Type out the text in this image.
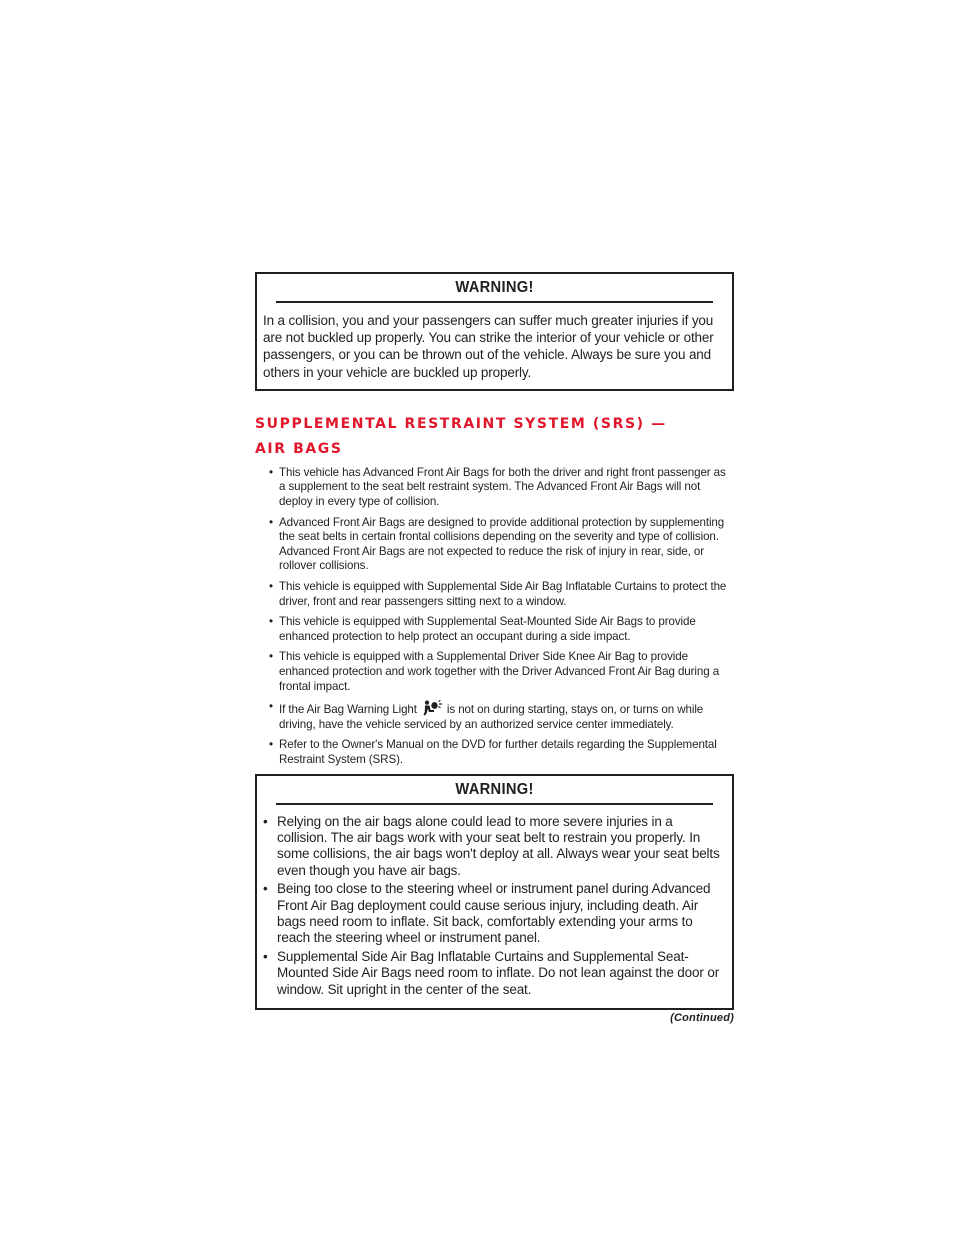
WARNING!
In a collision, you and your passengers can suffer much greater injuries if you are not buckled up properly. You can strike the interior of your vehicle or other passengers, or you can be thrown out of the vehicle. Always be sure you and others in your vehicle are buckled up properly.
SUPPLEMENTAL RESTRAINT SYSTEM (SRS) —
AIR BAGS
• This vehicle has Advanced Front Air Bags for both the driver and right front passenger as a supplement to the seat belt restraint system. The Advanced Front Air Bags will not deploy in every type of collision.
• Advanced Front Air Bags are designed to provide additional protection by supplementing the seat belts in certain frontal collisions depending on the severity and type of collision. Advanced Front Air Bags are not expected to reduce the risk of injury in rear, side, or rollover collisions.
• This vehicle is equipped with Supplemental Side Air Bag Inflatable Curtains to protect the driver, front and rear passengers sitting next to a window.
• This vehicle is equipped with Supplemental Seat-Mounted Side Air Bags to provide enhanced protection to help protect an occupant during a side impact.
• This vehicle is equipped with a Supplemental Driver Side Knee Air Bag to provide enhanced protection and work together with the Driver Advanced Front Air Bag during a frontal impact.
• If the Air Bag Warning Light	is not on during starting, stays on, or turns on while driving, have the vehicle serviced by an authorized service center immediately.
• Refer to the Owner's Manual on the DVD for further details regarding the Supplemental Restraint System (SRS).
WARNING!
• Relying on the air bags alone could lead to more severe injuries in a collision. The air bags work with your seat belt to restrain you properly. In some collisions, the air bags won't deploy at all. Always wear your seat belts even though you have air bags.
• Being too close to the steering wheel or instrument panel during Advanced Front Air Bag deployment could cause serious injury, including death. Air bags need room to inflate. Sit back, comfortably extending your arms to reach the steering wheel or instrument panel.
• Supplemental Side Air Bag Inflatable Curtains and Supplemental Seat-Mounted Side Air Bags need room to inflate. Do not lean against the door or window. Sit upright in the center of the seat.
(Continued)
